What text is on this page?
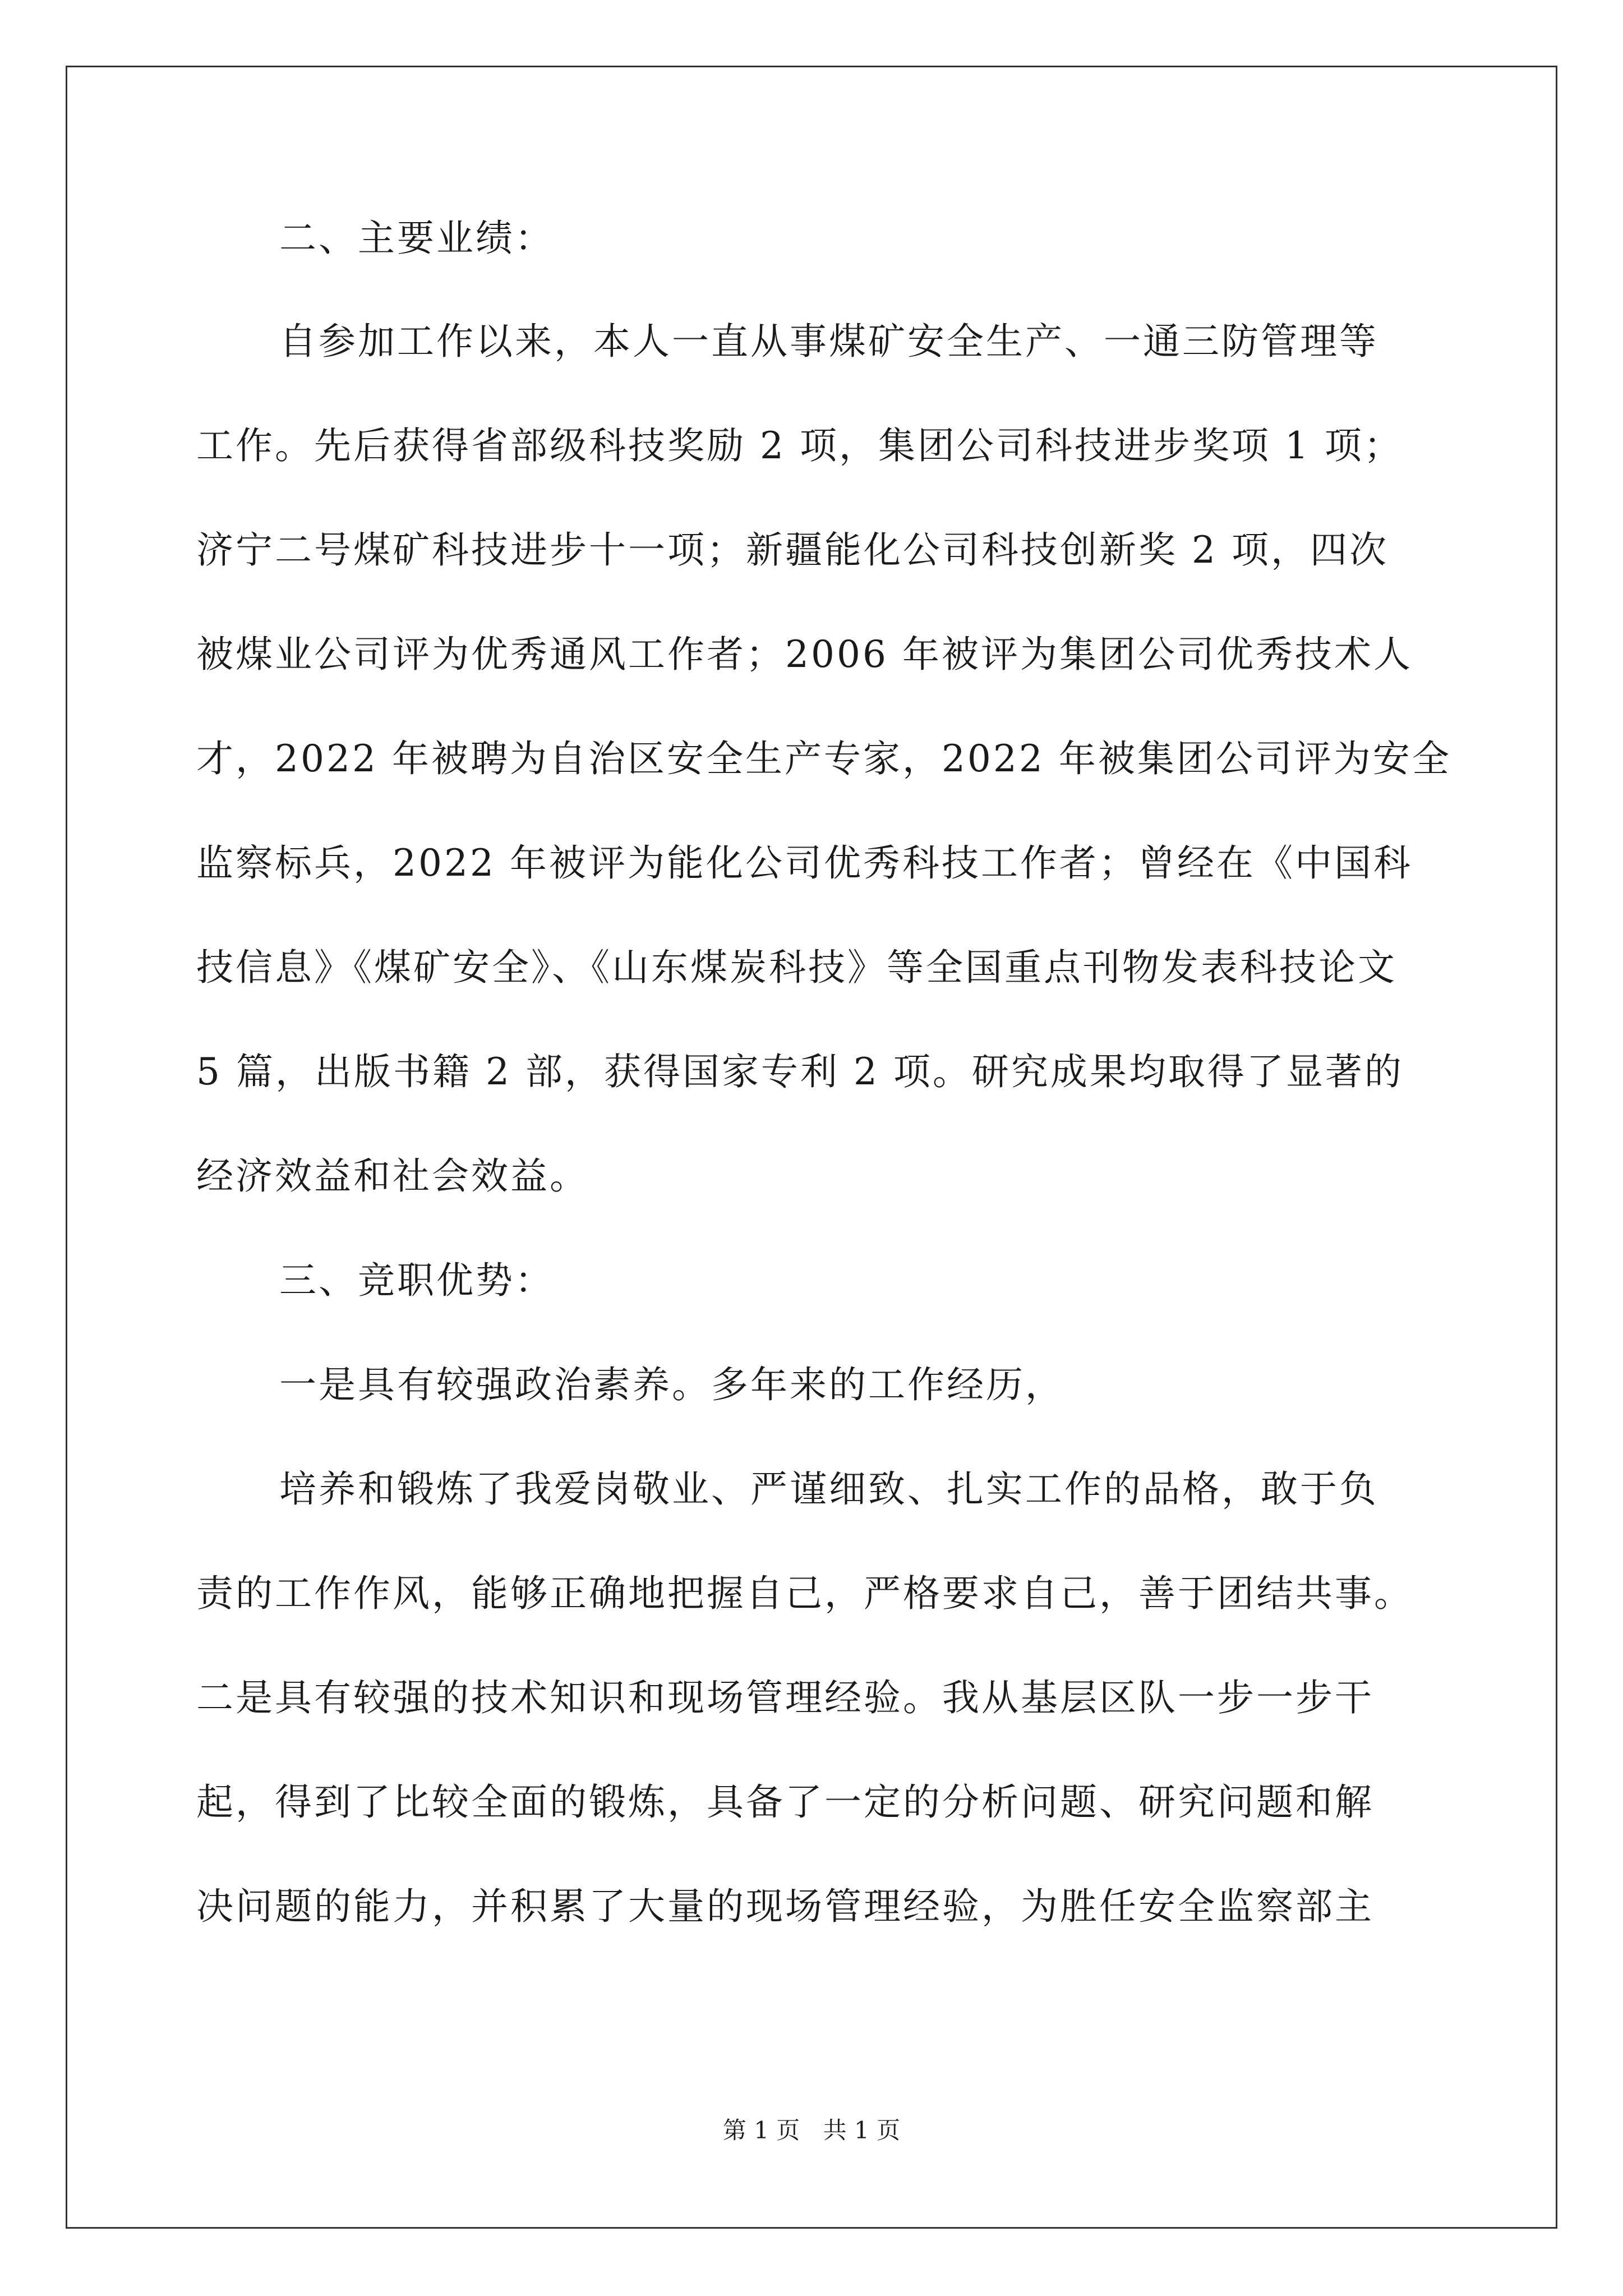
二、主要业绩：
自参加工作以来，本人一直从事煤矿安全生产、一通三防管理等
工作。先后获得省部级科技奖励 2 项，集团公司科技进步奖项 1 项；
济宁二号煤矿科技进步十一项；新疆能化公司科技创新奖 2 项，四次
被煤业公司评为优秀通风工作者；2006 年被评为集团公司优秀技术人
才，2022 年被聘为自治区安全生产专家，2022 年被集团公司评为安全
监察标兵，2022 年被评为能化公司优秀科技工作者；曾经在《中国科
技信息》《煤矿安全》、《山东煤炭科技》等全国重点刊物发表科技论文
5 篇，出版书籍 2 部，获得国家专利 2 项。研究成果均取得了显著的
经济效益和社会效益。
三、竞职优势：
一是具有较强政治素养。多年来的工作经历，
培养和锻炼了我爱岗敬业、严谨细致、扎实工作的品格，敢于负
责的工作作风，能够正确地把握自己，严格要求自己，善于团结共事。
二是具有较强的技术知识和现场管理经验。我从基层区队一步一步干
起，得到了比较全面的锻炼，具备了一定的分析问题、研究问题和解
决问题的能力，并积累了大量的现场管理经验，为胜任安全监察部主
第 1 页 共 1 页
